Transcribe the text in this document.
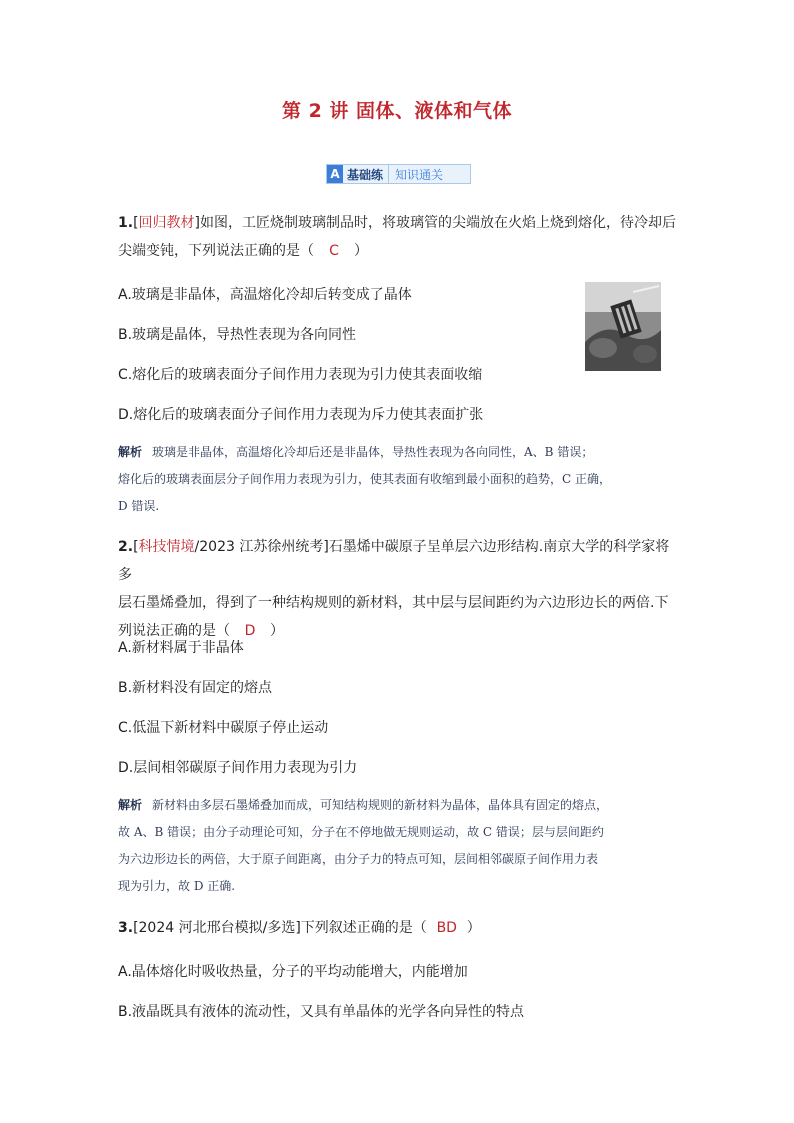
第 2 讲 固体、液体和气体
A 基础练	知识通关
1.[回归教材]如图，工匠烧制玻璃制品时，将玻璃管的尖端放在火焰上烧到熔化，待冷却后
尖端变钝，下列说法正确的是（ C ）
A.玻璃是非晶体，高温熔化冷却后转变成了晶体
B.玻璃是晶体，导热性表现为各向同性
C.熔化后的玻璃表面分子间作用力表现为引力使其表面收缩
D.熔化后的玻璃表面分子间作用力表现为斥力使其表面扩张
解析 玻璃是非晶体，高温熔化冷却后还是非晶体，导热性表现为各向同性，A、B 错误；
熔化后的玻璃表面层分子间作用力表现为引力，使其表面有收缩到最小面积的趋势，C 正确，
D 错误.
2.[科技情境/2023 江苏徐州统考]石墨烯中碳原子呈单层六边形结构.南京大学的科学家将多
层石墨烯叠加，得到了一种结构规则的新材料，其中层与层间距约为六边形边长的两倍.下
列说法正确的是（ D ）
A.新材料属于非晶体
B.新材料没有固定的熔点
C.低温下新材料中碳原子停止运动
D.层间相邻碳原子间作用力表现为引力
解析 新材料由多层石墨烯叠加而成，可知结构规则的新材料为晶体，晶体具有固定的熔点，
故 A、B 错误；由分子动理论可知，分子在不停地做无规则运动，故 C 错误；层与层间距约
为六边形边长的两倍，大于原子间距离，由分子力的特点可知，层间相邻碳原子间作用力表
现为引力，故 D 正确.
3.[2024 河北邢台模拟/多选]下列叙述正确的是（ BD ）
A.晶体熔化时吸收热量，分子的平均动能增大，内能增加
B.液晶既具有液体的流动性，又具有单晶体的光学各向异性的特点
